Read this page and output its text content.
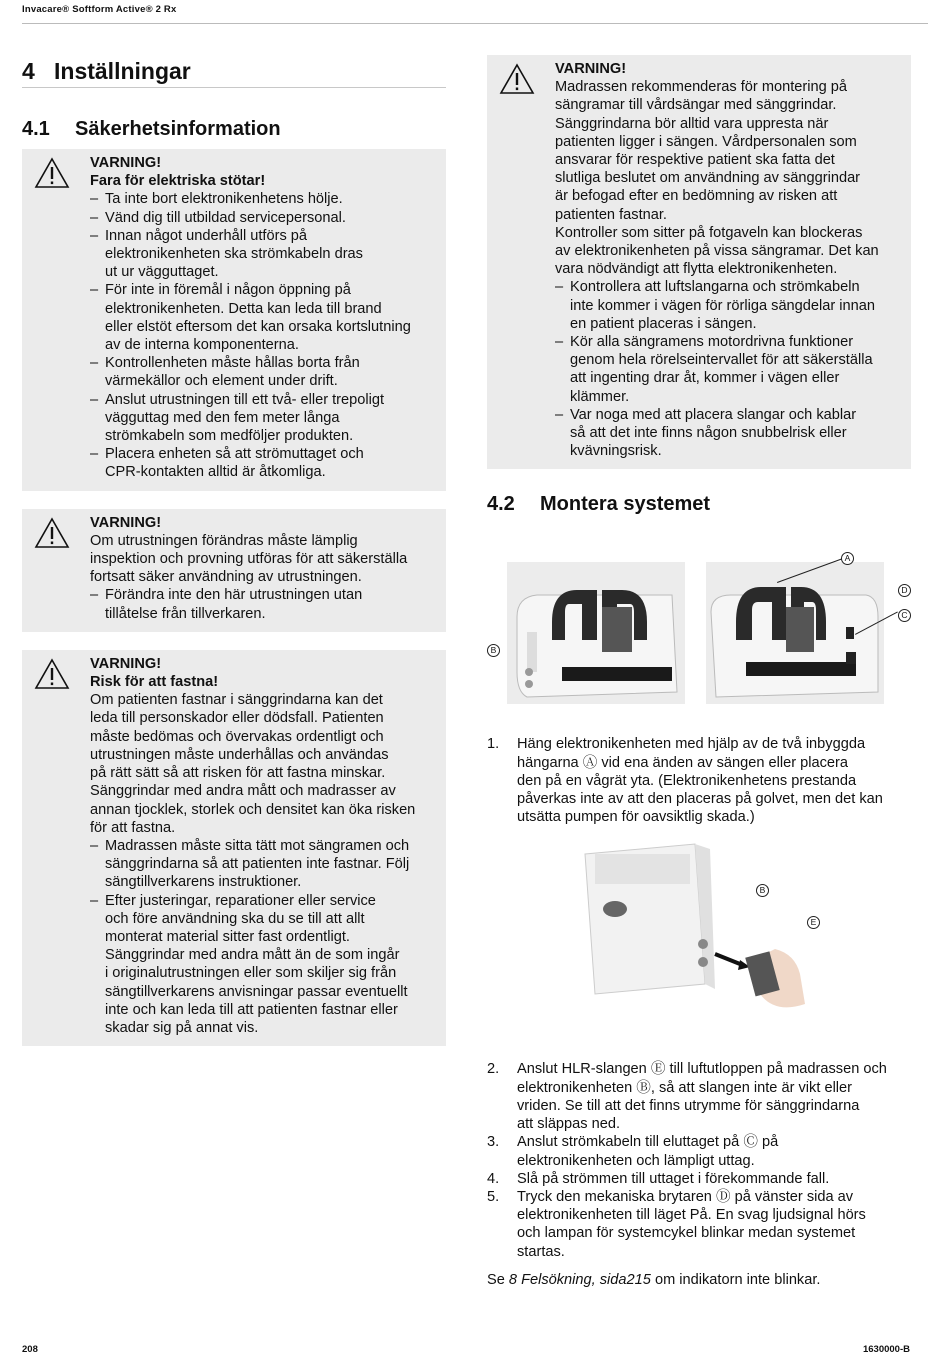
Invacare® Softform Active® 2 Rx
4 Inställningar
4.1 Säkerhetsinformation
VARNING!
Fara för elektriska stötar!
– Ta inte bort elektronikenhetens hölje.
– Vänd dig till utbildad servicepersonal.
– Innan något underhåll utförs på
elektronikenheten ska strömkabeln dras
ut ur vägguttaget.
– För inte in föremål i någon öppning på
elektronikenheten. Detta kan leda till brand
eller elstöt eftersom det kan orsaka kortslutning
av de interna komponenterna.
– Kontrollenheten måste hållas borta från
värmekällor och element under drift.
– Anslut utrustningen till ett två- eller trepoligt
vägguttag med den fem meter långa
strömkabeln som medföljer produkten.
– Placera enheten så att strömuttaget och
CPR-kontakten alltid är åtkomliga.
VARNING!
Om utrustningen förändras måste lämplig
inspektion och provning utföras för att säkerställa
fortsatt säker användning av utrustningen.
– Förändra inte den här utrustningen utan
tillåtelse från tillverkaren.
VARNING!
Risk för att fastna!
Om patienten fastnar i sänggrindarna kan det
leda till personskador eller dödsfall. Patienten
måste bedömas och övervakas ordentligt och
utrustningen måste underhållas och användas
på rätt sätt så att risken för att fastna minskar.
Sänggrindar med andra mått och madrasser av
annan tjocklek, storlek och densitet kan öka risken
för att fastna.
– Madrassen måste sitta tätt mot sängramen och
sänggrindarna så att patienten inte fastnar. Följ
sängtillverkarens instruktioner.
– Efter justeringar, reparationer eller service
och före användning ska du se till att allt
monterat material sitter fast ordentligt.
Sänggrindar med andra mått än de som ingår
i originalutrustningen eller som skiljer sig från
sängtillverkarens anvisningar passar eventuellt
inte och kan leda till att patienten fastnar eller
skadar sig på annat vis.
VARNING!
Madrassen rekommenderas för montering på
sängramar till vårdsängar med sänggrindar.
Sänggrindarna bör alltid vara uppresta när
patienten ligger i sängen. Vårdpersonalen som
ansvarar för respektive patient ska fatta det
slutliga beslutet om användning av sänggrindar
är befogad efter en bedömning av risken att
patienten fastnar.
Kontroller som sitter på fotgaveln kan blockeras
av elektronikenheten på vissa sängramar. Det kan
vara nödvändigt att flytta elektronikenheten.
– Kontrollera att luftslangarna och strömkabeln
inte kommer i vägen för rörliga sängdelar innan
en patient placeras i sängen.
– Kör alla sängramens motordrivna funktioner
genom hela rörelseintervallet för att säkerställa
att ingenting drar åt, kommer i vägen eller
klämmer.
– Var noga med att placera slangar och kablar
så att det inte finns någon snubbelrisk eller
kvävningsrisk.
4.2 Montera systemet
A
D
C
B
1. Häng elektronikenheten med hjälp av de två inbyggda
hängarna Ⓐ vid ena änden av sängen eller placera
den på en vågrät yta. (Elektronikenhetens prestanda
påverkas inte av att den placeras på golvet, men det kan
utsätta pumpen för oavsiktlig skada.)
B
E
2. Anslut HLR-slangen Ⓔ till luftutloppen på madrassen och
elektronikenheten Ⓑ, så att slangen inte är vikt eller
vriden. Se till att det finns utrymme för sänggrindarna
att släppas ned.
3. Anslut strömkabeln till eluttaget på Ⓒ på
elektronikenheten och lämpligt uttag.
4. Slå på strömmen till uttaget i förekommande fall.
5. Tryck den mekaniska brytaren Ⓓ på vänster sida av
elektronikenheten till läget På. En svag ljudsignal hörs
och lampan för systemcykel blinkar medan systemet
startas.
Se 8 Felsökning, sida215 om indikatorn inte blinkar.
208	1630000-B
